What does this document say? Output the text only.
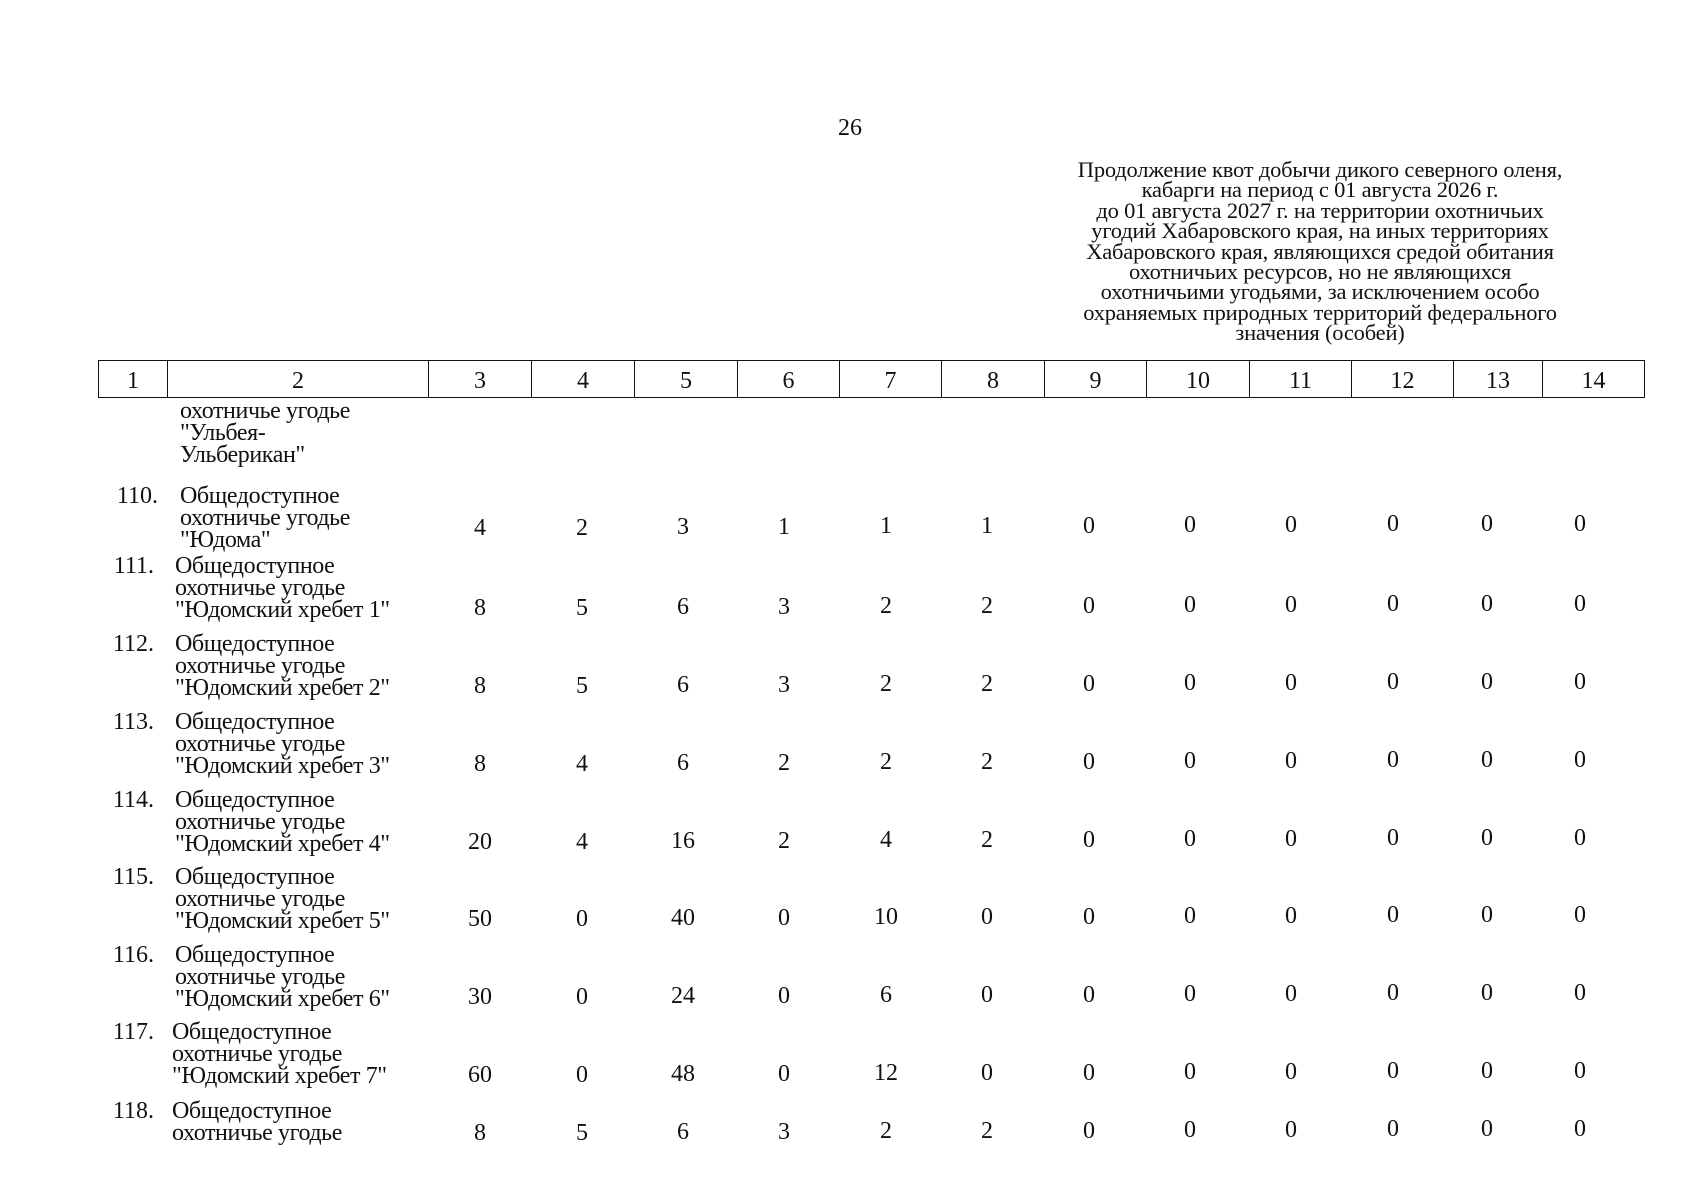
26
Продолжение квот добычи дикого северного оленя,
кабарги на период с 01 августа 2026 г.
до 01 августа 2027 г. на территории охотничьих
угодий Хабаровского края, на иных территориях
Хабаровского края, являющихся средой обитания
охотничьих ресурсов, но не являющихся
охотничьими угодьями, за исключением особо
охраняемых природных территорий федерального
значения (особей)
1	2	3	4	5	6	7	8	9	10	11	12	13	14
охотничье угодье
"Ульбея-
Ульберикан"
110. Общедоступное
охотничье угодье
"Юдома"	4	2	3	1	1	1	0	0	0	0	0	0
111. Общедоступное
охотничье угодье
"Юдомский хребет 1"	8	5	6	3	2	2	0	0	0	0	0	0
112. Общедоступное
охотничье угодье
"Юдомский хребет 2"	8	5	6	3	2	2	0	0	0	0	0	0
113. Общедоступное
охотничье угодье
"Юдомский хребет 3"	8	4	6	2	2	2	0	0	0	0	0	0
114. Общедоступное
охотничье угодье
"Юдомский хребет 4"	20	4	16	2	4	2	0	0	0	0	0	0
115. Общедоступное
охотничье угодье
"Юдомский хребет 5"	50	0	40	0	10	0	0	0	0	0	0	0
116. Общедоступное
охотничье угодье
"Юдомский хребет 6"	30	0	24	0	6	0	0	0	0	0	0	0
117. Общедоступное
охотничье угодье
"Юдомский хребет 7"	60	0	48	0	12	0	0	0	0	0	0	0
118. Общедоступное
охотничье угодье	8	5	6	3	2	2	0	0	0	0	0	0
